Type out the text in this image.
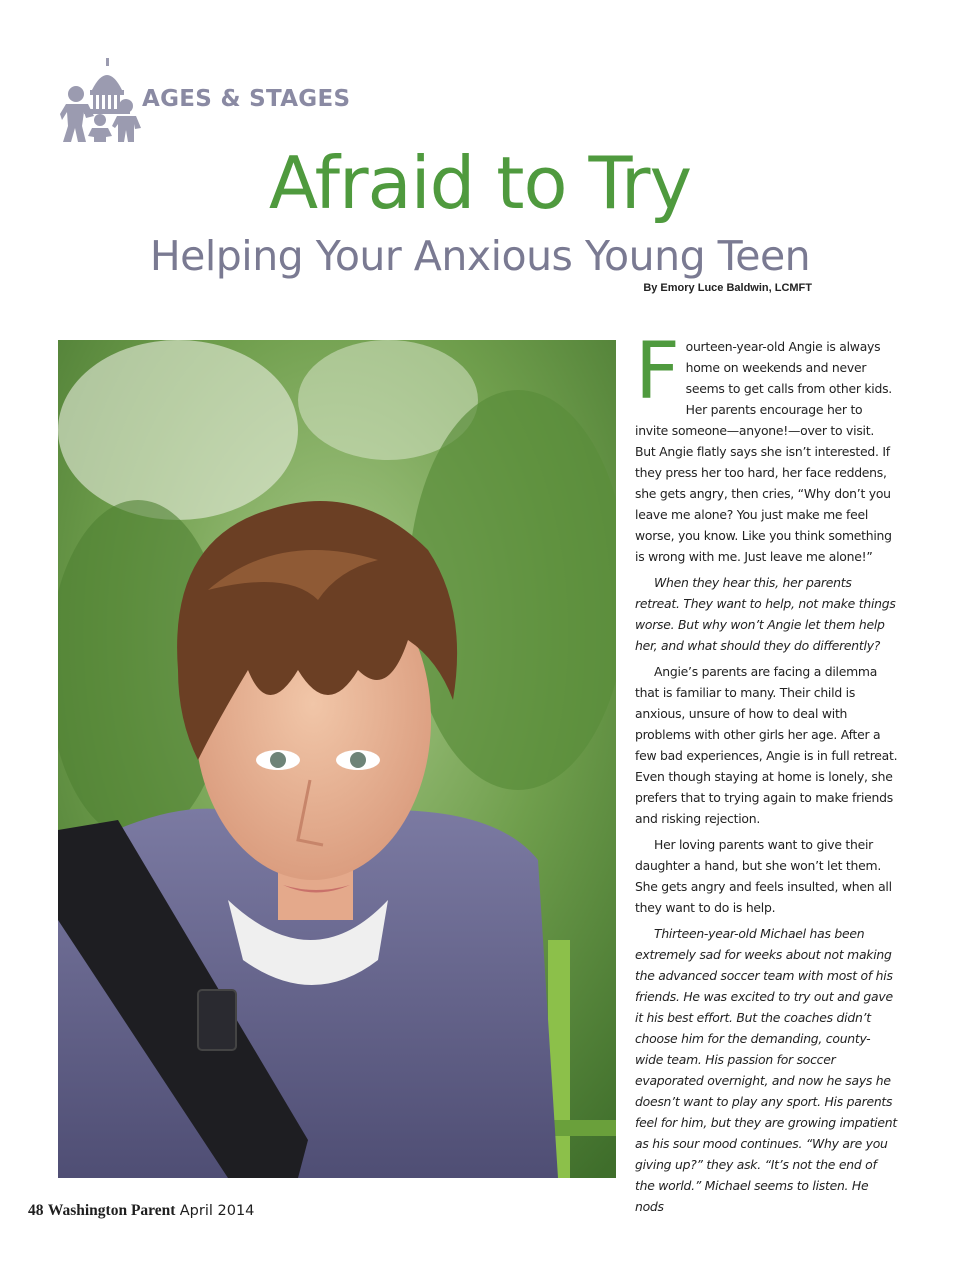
AGES & STAGES
Afraid to Try
Helping Your Anxious Young Teen
By Emory Luce Baldwin, LCMFT

Fourteen-year-old Angie is always home on weekends and never seems to get calls from other kids. Her parents encourage her to invite someone—anyone!—over to visit. But Angie flatly says she isn’t interested. If they press her too hard, her face reddens, she gets angry, then cries, “Why don’t you leave me alone? You just make me feel worse, you know. Like you think something is wrong with me. Just leave me alone!”

When they hear this, her parents retreat. They want to help, not make things worse. But why won’t Angie let them help her, and what should they do differently?

Angie’s parents are facing a dilemma that is familiar to many. Their child is anxious, unsure of how to deal with problems with other girls her age. After a few bad experiences, Angie is in full retreat. Even though staying at home is lonely, she prefers that to trying again to make friends and risking rejection.

Her loving parents want to give their daughter a hand, but she won’t let them. She gets angry and feels insulted, when all they want to do is help.

Thirteen-year-old Michael has been extremely sad for weeks about not making the advanced soccer team with most of his friends. He was excited to try out and gave it his best effort. But the coaches didn’t choose him for the demanding, county-wide team. His passion for soccer evaporated overnight, and now he says he doesn’t want to play any sport. His parents feel for him, but they are growing impatient as his sour mood continues. “Why are you giving up?” they ask. “It’s not the end of the world.” Michael seems to listen. He nods

48 Washington Parent April 2014
